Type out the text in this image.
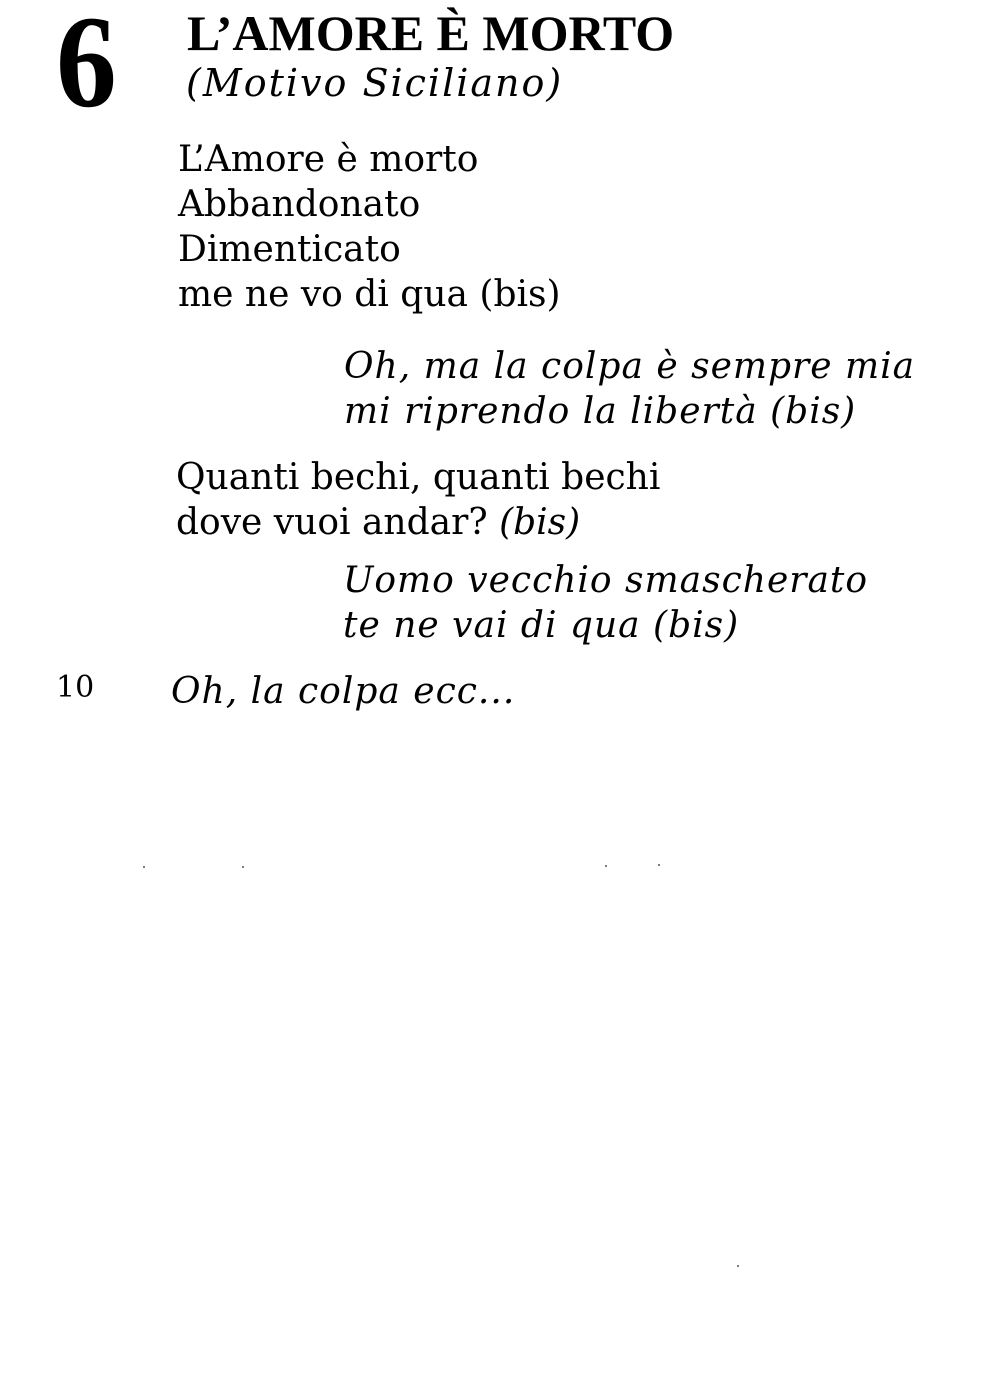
6 L’AMORE È MORTO
(Motivo Siciliano)
L’Amore è morto
Abbandonato
Dimenticato
me ne vo di qua (bis)
Oh, ma la colpa è sempre mia
mi riprendo la libertà (bis)
Quanti bechi, quanti bechi
dove vuoi andar? (bis)
Uomo vecchio smascherato
te ne vai di qua (bis)
10 Oh, la colpa ecc...
